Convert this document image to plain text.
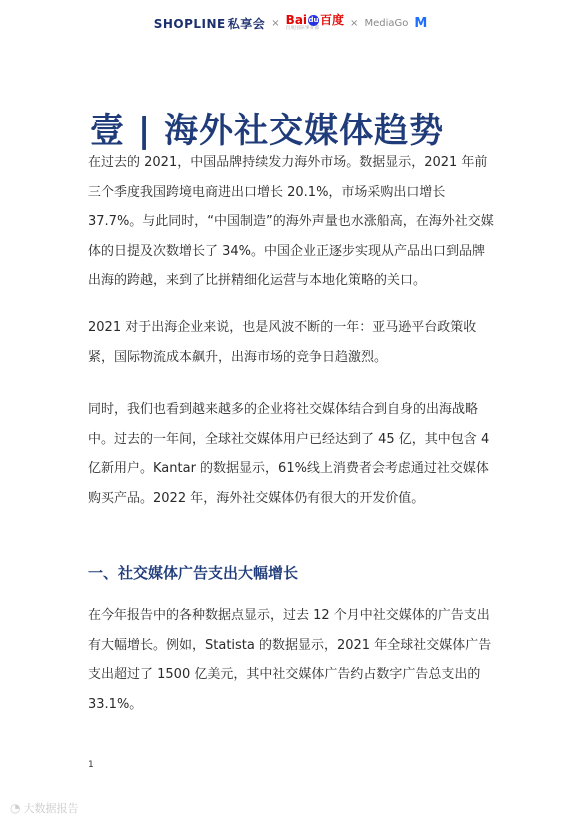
SHOPLINE 私享会 × Bai du 百度
百度国际事业部
× MediaGo M
壹 | 海外社交媒体趋势

在过去的 2021，中国品牌持续发力海外市场。数据显示，2021 年前三个季度我国跨境电商进出口增长 20.1%，市场采购出口增长 37.7%。与此同时，“中国制造”的海外声量也水涨船高，在海外社交媒体的日提及次数增长了 34%。中国企业正逐步实现从产品出口到品牌出海的跨越，来到了比拼精细化运营与本地化策略的关口。

2021 对于出海企业来说，也是风波不断的一年：亚马逊平台政策收紧，国际物流成本飙升，出海市场的竞争日趋激烈。

同时，我们也看到越来越多的企业将社交媒体结合到自身的出海战略中。过去的一年间，全球社交媒体用户已经达到了 45 亿，其中包含 4 亿新用户。Kantar 的数据显示，61%线上消费者会考虑通过社交媒体购买产品。2022 年，海外社交媒体仍有很大的开发价值。

一、社交媒体广告支出大幅增长

在今年报告中的各种数据点显示，过去 12 个月中社交媒体的广告支出有大幅增长。例如，Statista 的数据显示，2021 年全球社交媒体广告支出超过了 1500 亿美元，其中社交媒体广告约占数字广告总支出的 33.1%。

1
◔ 大数据报告
